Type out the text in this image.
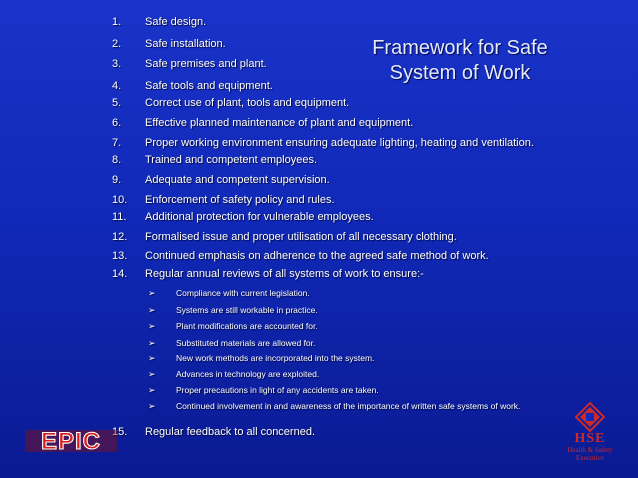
Framework for Safe System of Work
1.	Safe design.
2.	Safe installation.
3.	Safe premises and plant.
4.	Safe tools and equipment.
5.	Correct use of plant, tools and equipment.
6.	Effective planned maintenance of plant and equipment.
7.	Proper working environment ensuring adequate lighting, heating and ventilation.
8.	Trained and competent employees.
9.	Adequate and competent supervision.
10.	Enforcement of safety policy and rules.
11.	Additional protection for vulnerable employees.
12.	Formalised issue and proper utilisation of all necessary clothing.
13.	Continued emphasis on adherence to the agreed safe method of work.
14.	Regular annual reviews of all systems of work to ensure:-
➢ Compliance with current legislation.
➢ Systems are still workable in practice.
➢ Plant modifications are accounted for.
➢ Substituted materials are allowed for.
➢ New work methods are incorporated into the system.
➢ Advances in technology are exploited.
➢ Proper precautions in light of any accidents are taken.
➢ Continued involvement in and awareness of the importance of written safe systems of work.
15.	Regular feedback to all concerned.
EPIC	HSE
Health & Safety
Executive
